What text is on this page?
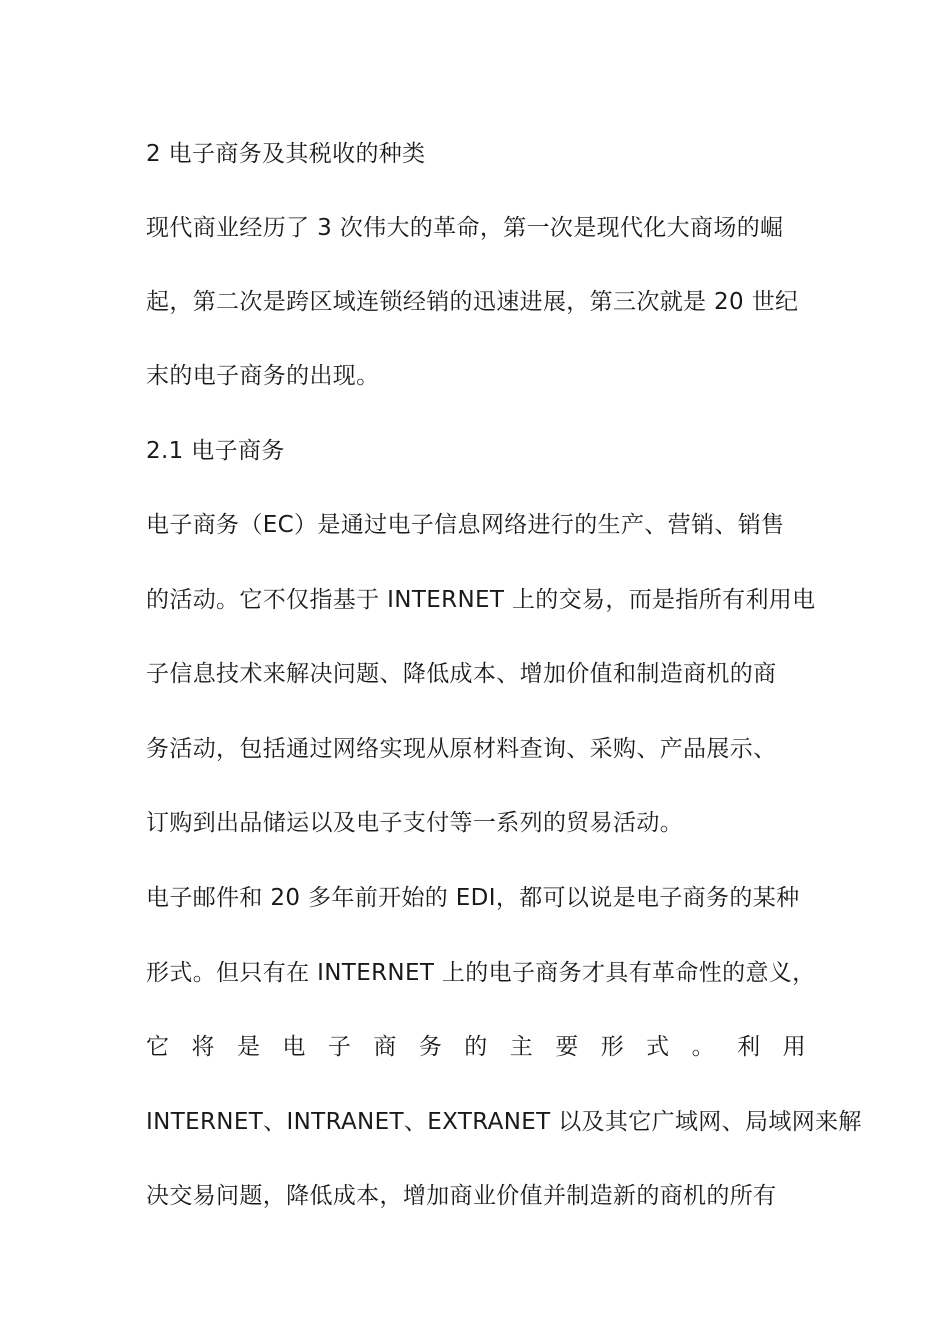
2 电子商务及其税收的种类
现代商业经历了 3 次伟大的革命，第一次是现代化大商场的崛
起，第二次是跨区域连锁经销的迅速进展，第三次就是 20 世纪
末的电子商务的出现。
2.1 电子商务
电子商务（EC）是通过电子信息网络进行的生产、营销、销售
的活动。它不仅指基于 INTERNET 上的交易，而是指所有利用电
子信息技术来解决问题、降低成本、增加价值和制造商机的商
务活动，包括通过网络实现从原材料查询、采购、产品展示、
订购到出品储运以及电子支付等一系列的贸易活动。
电子邮件和 20 多年前开始的 EDI，都可以说是电子商务的某种
形式。但只有在 INTERNET 上的电子商务才具有革命性的意义，
它 将 是 电 子 商 务 的 主 要 形 式 。 利 用
INTERNET、INTRANET、EXTRANET 以及其它广域网、局域网来解
决交易问题，降低成本，增加商业价值并制造新的商机的所有
